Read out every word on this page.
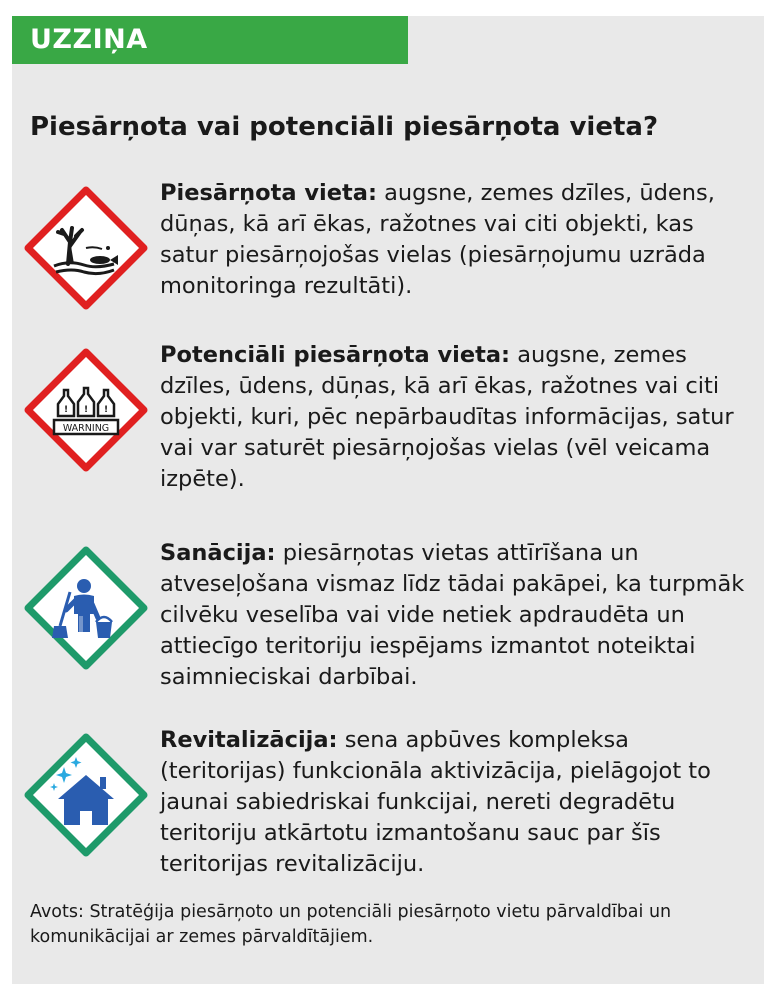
UZZIŅA
Piesārņota vai potenciāli piesārņota vieta?
Piesārņota vieta: augsne, zemes dzīles, ūdens, dūņas, kā arī ēkas, ražotnes vai citi objekti, kas satur piesārņojošas vielas (piesārņojumu uzrāda monitoringa rezultāti).
! ! !
WARNING
Potenciāli piesārņota vieta: augsne, zemes dzīles, ūdens, dūņas, kā arī ēkas, ražotnes vai citi objekti, kuri, pēc nepārbaudītas informācijas, satur vai var saturēt piesārņojošas vielas (vēl veicama izpēte).
Sanācija: piesārņotas vietas attīrīšana un atveseļošana vismaz līdz tādai pakāpei, ka turpmāk cilvēku veselība vai vide netiek apdraudēta un attiecīgo teritoriju iespējams izmantot noteiktai saimnieciskai darbībai.
Revitalizācija: sena apbūves kompleksa (teritorijas) funkcionāla aktivizācija, pielāgojot to jaunai sabiedriskai funkcijai, nereti degradētu teritoriju atkārtotu izmantošanu sauc par šīs teritorijas revitalizāciju.
Avots: Stratēģija piesārņoto un potenciāli piesārņoto vietu pārvaldībai un komunikācijai ar zemes pārvaldītājiem.
